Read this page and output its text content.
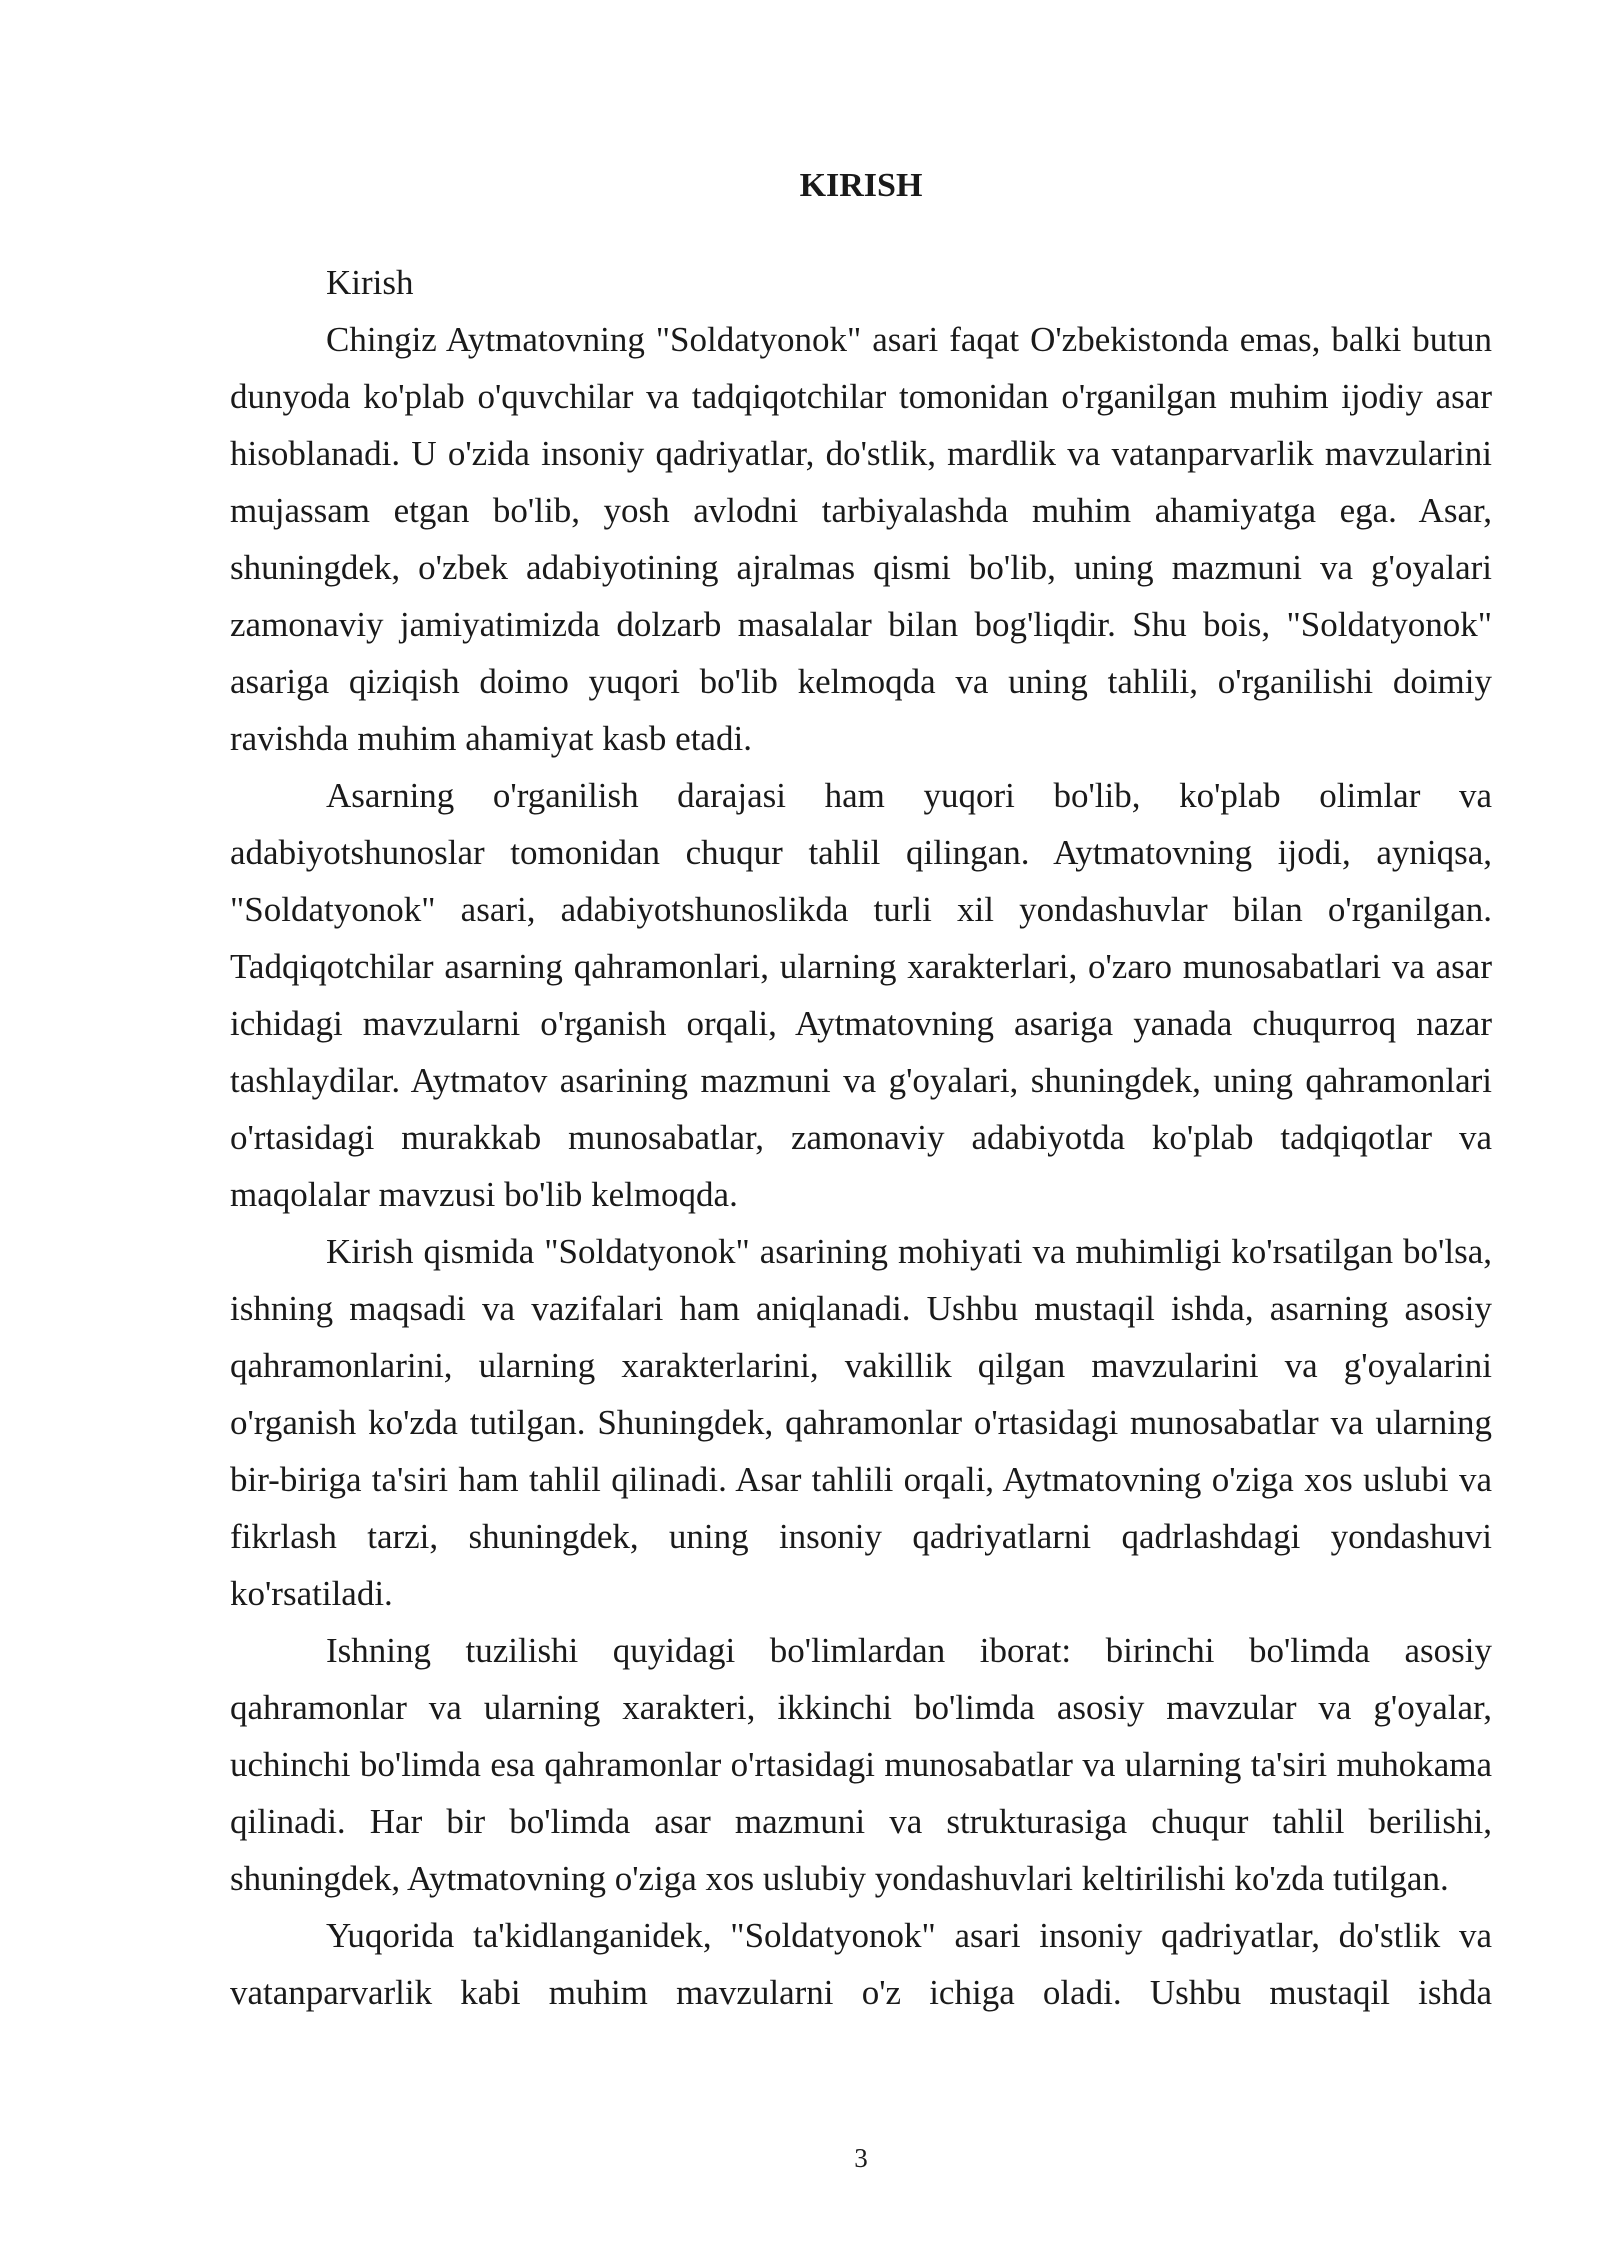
KIRISH

Kirish

Chingiz Aytmatovning "Soldatyonok" asari faqat O'zbekistonda emas, balki butun dunyoda ko'plab o'quvchilar va tadqiqotchilar tomonidan o'rganilgan muhim ijodiy asar hisoblanadi. U o'zida insoniy qadriyatlar, do'stlik, mardlik va vatanparvarlik mavzularini mujassam etgan bo'lib, yosh avlodni tarbiyalashda muhim ahamiyatga ega. Asar, shuningdek, o'zbek adabiyotining ajralmas qismi bo'lib, uning mazmuni va g'oyalari zamonaviy jamiyatimizda dolzarb masalalar bilan bog'liqdir. Shu bois, "Soldatyonok" asariga qiziqish doimo yuqori bo'lib kelmoqda va uning tahlili, o'rganilishi doimiy ravishda muhim ahamiyat kasb etadi.

Asarning o'rganilish darajasi ham yuqori bo'lib, ko'plab olimlar va adabiyotshunoslar tomonidan chuqur tahlil qilingan. Aytmatovning ijodi, ayniqsa, "Soldatyonok" asari, adabiyotshunoslikda turli xil yondashuvlar bilan o'rganilgan. Tadqiqotchilar asarning qahramonlari, ularning xarakterlari, o'zaro munosabatlari va asar ichidagi mavzularni o'rganish orqali, Aytmatovning asariga yanada chuqurroq nazar tashlaydilar. Aytmatov asarining mazmuni va g'oyalari, shuningdek, uning qahramonlari o'rtasidagi murakkab munosabatlar, zamonaviy adabiyotda ko'plab tadqiqotlar va maqolalar mavzusi bo'lib kelmoqda.

Kirish qismida "Soldatyonok" asarining mohiyati va muhimligi ko'rsatilgan bo'lsa, ishning maqsadi va vazifalari ham aniqlanadi. Ushbu mustaqil ishda, asarning asosiy qahramonlarini, ularning xarakterlarini, vakillik qilgan mavzularini va g'oyalarini o'rganish ko'zda tutilgan. Shuningdek, qahramonlar o'rtasidagi munosabatlar va ularning bir-biriga ta'siri ham tahlil qilinadi. Asar tahlili orqali, Aytmatovning o'ziga xos uslubi va fikrlash tarzi, shuningdek, uning insoniy qadriyatlarni qadrlashdagi yondashuvi ko'rsatiladi.

Ishning tuzilishi quyidagi bo'limlardan iborat: birinchi bo'limda asosiy qahramonlar va ularning xarakteri, ikkinchi bo'limda asosiy mavzular va g'oyalar, uchinchi bo'limda esa qahramonlar o'rtasidagi munosabatlar va ularning ta'siri muhokama qilinadi. Har bir bo'limda asar mazmuni va strukturasiga chuqur tahlil berilishi, shuningdek, Aytmatovning o'ziga xos uslubiy yondashuvlari keltirilishi ko'zda tutilgan.

Yuqorida ta'kidlanganidek, "Soldatyonok" asari insoniy qadriyatlar, do'stlik va vatanparvarlik kabi muhim mavzularni o'z ichiga oladi. Ushbu mustaqil ishda

3
